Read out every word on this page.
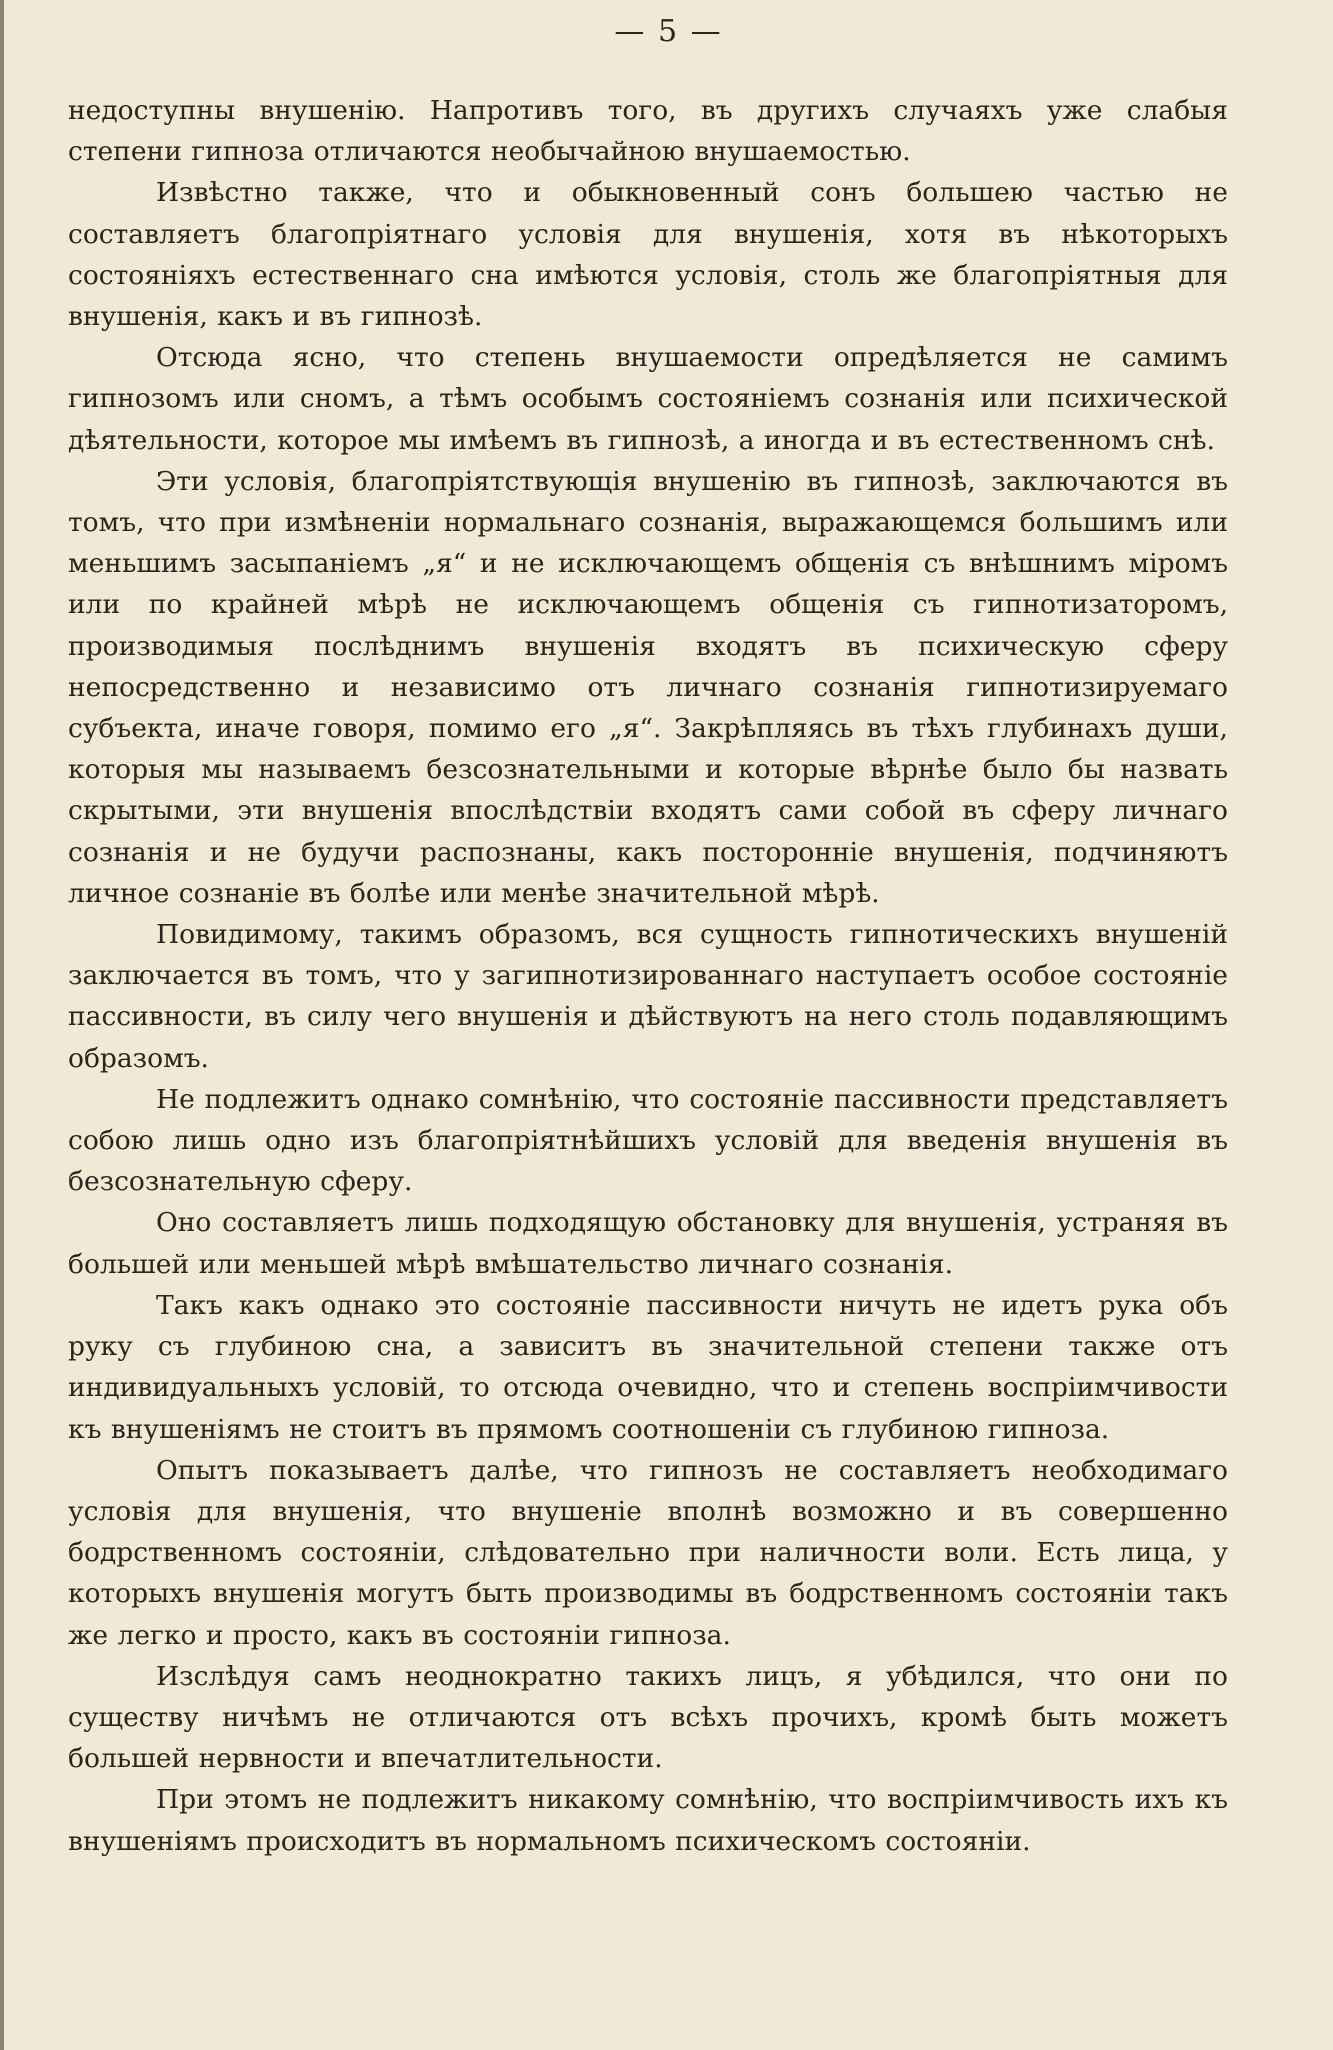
— 5 —

недоступны внушенію. Напротивъ того, въ другихъ случаяхъ уже слабыя степени гипноза отличаются необычайною внушаемостью.

Извѣстно также, что и обыкновенный сонъ большею частью не составляетъ благопріятнаго условія для внушенія, хотя въ нѣкоторыхъ состояніяхъ естественнаго сна имѣются условія, столь же благопріятныя для внушенія, какъ и въ гипнозѣ.

Отсюда ясно, что степень внушаемости опредѣляется не самимъ гипнозомъ или сномъ, а тѣмъ особымъ состояніемъ сознанія или психической дѣятельности, которое мы имѣемъ въ гипнозѣ, а иногда и въ естественномъ снѣ.

Эти условія, благопріятствующія внушенію въ гипнозѣ, заключаются въ томъ, что при измѣненіи нормальнаго сознанія, выражающемся большимъ или меньшимъ засыпаніемъ „я“ и не исключающемъ общенія съ внѣшнимъ міромъ или по крайней мѣрѣ не исключающемъ общенія съ гипнотизаторомъ, производимыя послѣднимъ внушенія входятъ въ психическую сферу непосредственно и независимо отъ личнаго сознанія гипнотизируемаго субъекта, иначе говоря, помимо его „я“. Закрѣпляясь въ тѣхъ глубинахъ души, которыя мы называемъ безсознательными и которые вѣрнѣе было бы назвать скрытыми, эти внушенія впослѣдствіи входятъ сами собой въ сферу личнаго сознанія и не будучи распознаны, какъ посторонніе внушенія, подчиняютъ личное сознаніе въ болѣе или менѣе значительной мѣрѣ.

Повидимому, такимъ образомъ, вся сущность гипнотическихъ внушеній заключается въ томъ, что у загипнотизированнаго наступаетъ особое состояніе пассивности, въ силу чего внушенія и дѣйствуютъ на него столь подавляющимъ образомъ.

Не подлежитъ однако сомнѣнію, что состояніе пассивности представляетъ собою лишь одно изъ благопріятнѣйшихъ условій для введенія внушенія въ безсознательную сферу.

Оно составляетъ лишь подходящую обстановку для внушенія, устраняя въ большей или меньшей мѣрѣ вмѣшательство личнаго сознанія.

Такъ какъ однако это состояніе пассивности ничуть не идетъ рука объ руку съ глубиною сна, а зависитъ въ значительной степени также отъ индивидуальныхъ условій, то отсюда очевидно, что и степень воспріимчивости къ внушеніямъ не стоитъ въ прямомъ соотношеніи съ глубиною гипноза.

Опытъ показываетъ далѣе, что гипнозъ не составляетъ необходимаго условія для внушенія, что внушеніе вполнѣ возможно и въ совершенно бодрственномъ состояніи, слѣдовательно при наличности воли. Есть лица, у которыхъ внушенія могутъ быть производимы въ бодрственномъ состояніи такъ же легко и просто, какъ въ состояніи гипноза.

Изслѣдуя самъ неоднократно такихъ лицъ, я убѣдился, что они по существу ничѣмъ не отличаются отъ всѣхъ прочихъ, кромѣ быть можетъ большей нервности и впечатлительности.

При этомъ не подлежитъ никакому сомнѣнію, что воспріимчивость ихъ къ внушеніямъ происходитъ въ нормальномъ психическомъ состояніи.
